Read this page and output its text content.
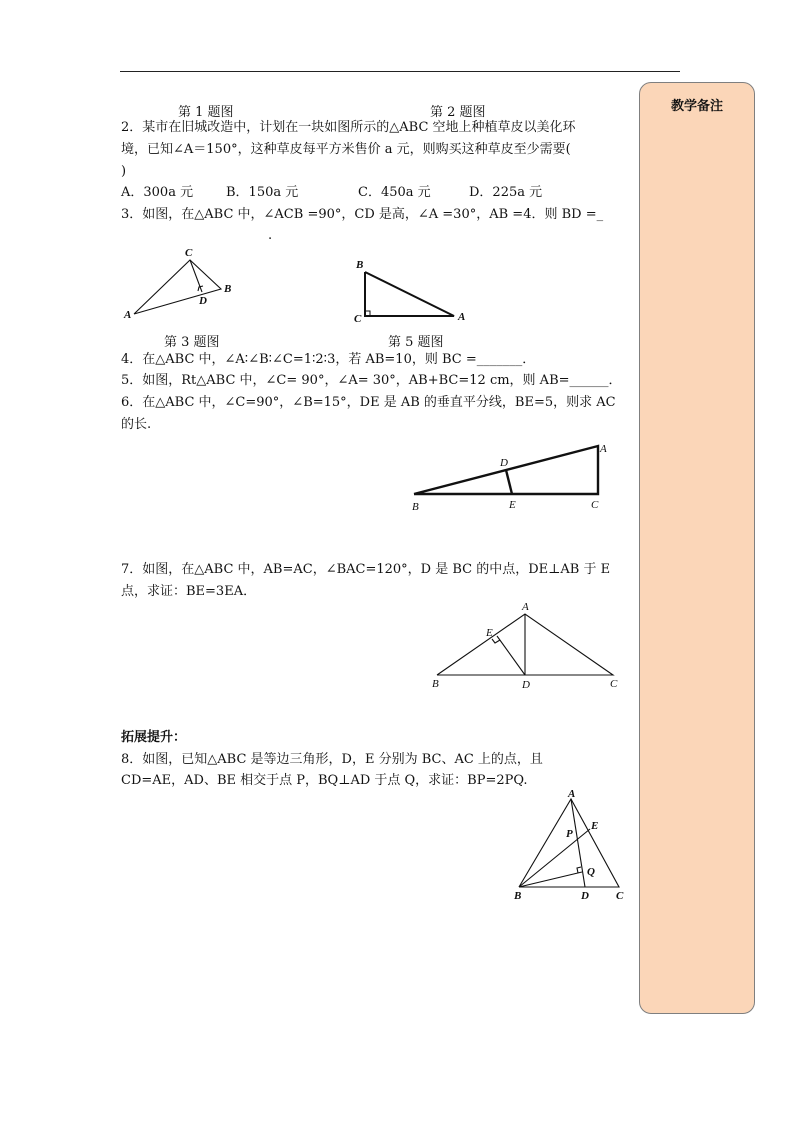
教学备注
第 1 题图	第 2 题图
2．某市在旧城改造中，计划在一块如图所示的△ABC 空地上种植草皮以美化环
境，已知∠A＝150°，这种草皮每平方米售价 a 元，则购买这种草皮至少需要(
)
A．300a 元	B．150a 元	C．450a 元	D．225a 元
3．如图，在△ABC 中，∠ACB =90°，CD 是高，∠A =30°，AB =4．则 BD =_
.
C
D
B
A
B
C	A
第 3 题图	第 5 题图
4．在△ABC 中，∠A∶∠B∶∠C=1∶2∶3，若 AB=10，则 BC =_______．
5．如图，Rt△ABC 中，∠C= 90°，∠A= 30°，AB+BC=12 cm，则 AB=______．
6．在△ABC 中，∠C=90°，∠B=15°，DE 是 AB 的垂直平分线，BE=5，则求 AC
的长.
A
D
B	E	C
7．如图，在△ABC 中，AB=AC，∠BAC=120°，D 是 BC 的中点，DE⊥AB 于 E
点，求证：BE=3EA．
A
E
B	D	C
拓展提升：
8．如图，已知△ABC 是等边三角形，D，E 分别为 BC、AC 上的点，且
CD=AE，AD、BE 相交于点 P，BQ⊥AD 于点 Q，求证：BP=2PQ.
A
E
P
Q
B	D C
